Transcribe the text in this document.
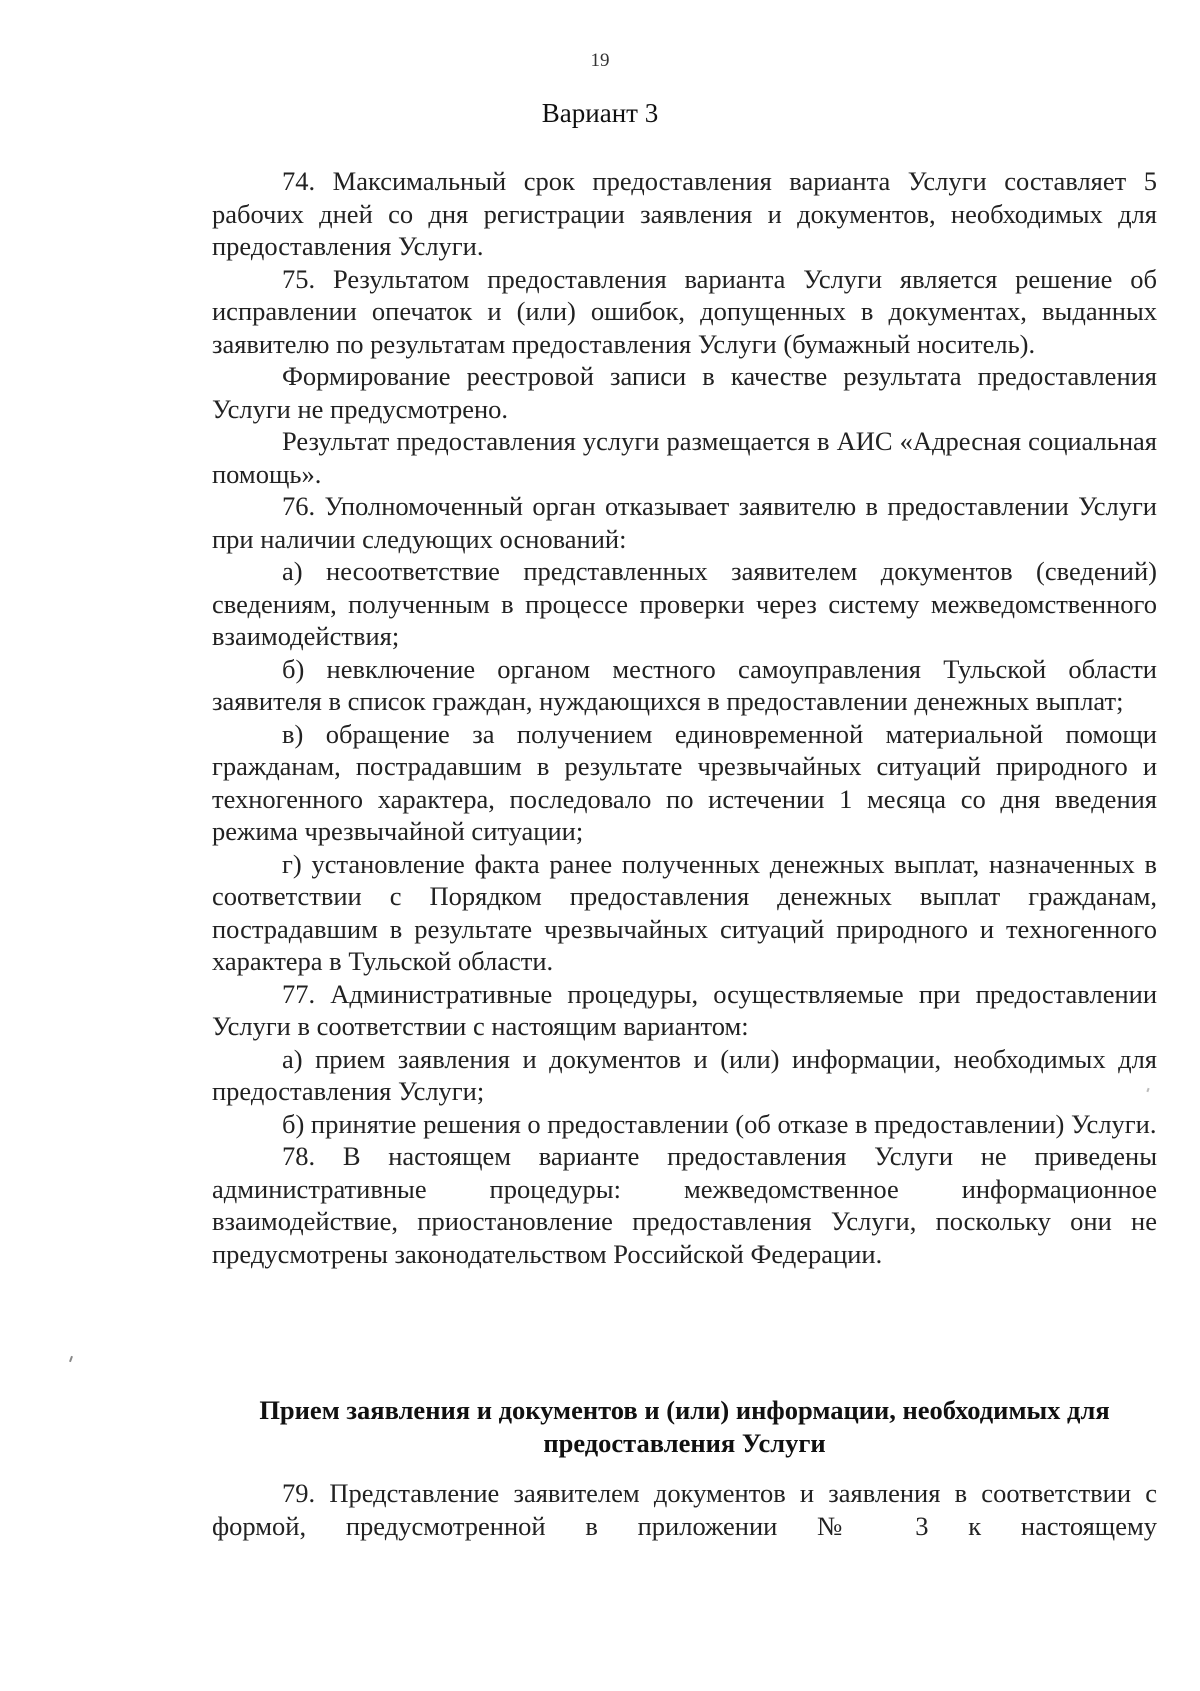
19
Вариант 3

74. Максимальный срок предоставления варианта Услуги составляет 5 рабочих дней со дня регистрации заявления и документов, необходимых для предоставления Услуги.

75. Результатом предоставления варианта Услуги является решение об исправлении опечаток и (или) ошибок, допущенных в документах, выданных заявителю по результатам предоставления Услуги (бумажный носитель).

Формирование реестровой записи в качестве результата предоставления Услуги не предусмотрено.

Результат предоставления услуги размещается в АИС «Адресная социальная помощь».

76. Уполномоченный орган отказывает заявителю в предоставлении Услуги при наличии следующих оснований:

а) несоответствие представленных заявителем документов (сведений) сведениям, полученным в процессе проверки через систему межведомственного взаимодействия;

б) невключение органом местного самоуправления Тульской области заявителя в список граждан, нуждающихся в предоставлении денежных выплат;

в) обращение за получением единовременной материальной помощи гражданам, пострадавшим в результате чрезвычайных ситуаций природного и техногенного характера, последовало по истечении 1 месяца со дня введения режима чрезвычайной ситуации;

г) установление факта ранее полученных денежных выплат, назначенных в соответствии с Порядком предоставления денежных выплат гражданам, пострадавшим в результате чрезвычайных ситуаций природного и техногенного характера в Тульской области.

77. Административные процедуры, осуществляемые при предоставлении Услуги в соответствии с настоящим вариантом:

а) прием заявления и документов и (или) информации, необходимых для предоставления Услуги;

б) принятие решения о предоставлении (об отказе в предоставлении) Услуги.

78. В настоящем варианте предоставления Услуги не приведены административные процедуры: межведомственное информационное взаимодействие, приостановление предоставления Услуги, поскольку они не предусмотрены законодательством Российской Федерации.

Прием заявления и документов и (или) информации, необходимых для предоставления Услуги

79. Представление заявителем документов и заявления в соответствии с формой, предусмотренной в приложении № 3 к настоящему
